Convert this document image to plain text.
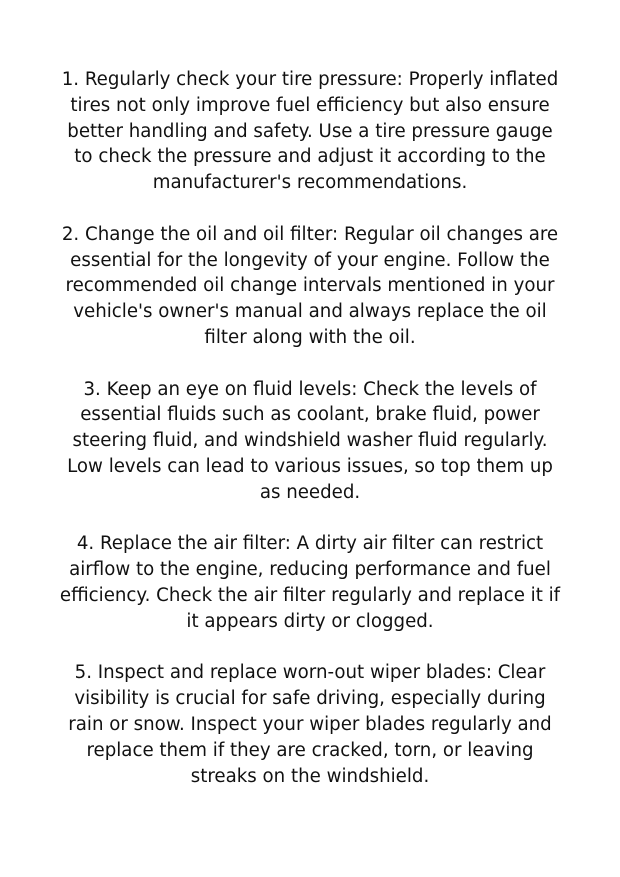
1. Regularly check your tire pressure: Properly inflated
tires not only improve fuel efficiency but also ensure
better handling and safety. Use a tire pressure gauge
to check the pressure and adjust it according to the
manufacturer's recommendations.

2. Change the oil and oil filter: Regular oil changes are
essential for the longevity of your engine. Follow the
recommended oil change intervals mentioned in your
vehicle's owner's manual and always replace the oil
filter along with the oil.

3. Keep an eye on fluid levels: Check the levels of
essential fluids such as coolant, brake fluid, power
steering fluid, and windshield washer fluid regularly.
Low levels can lead to various issues, so top them up
as needed.

4. Replace the air filter: A dirty air filter can restrict
airflow to the engine, reducing performance and fuel
efficiency. Check the air filter regularly and replace it if
it appears dirty or clogged.

5. Inspect and replace worn-out wiper blades: Clear
visibility is crucial for safe driving, especially during
rain or snow. Inspect your wiper blades regularly and
replace them if they are cracked, torn, or leaving
streaks on the windshield.
